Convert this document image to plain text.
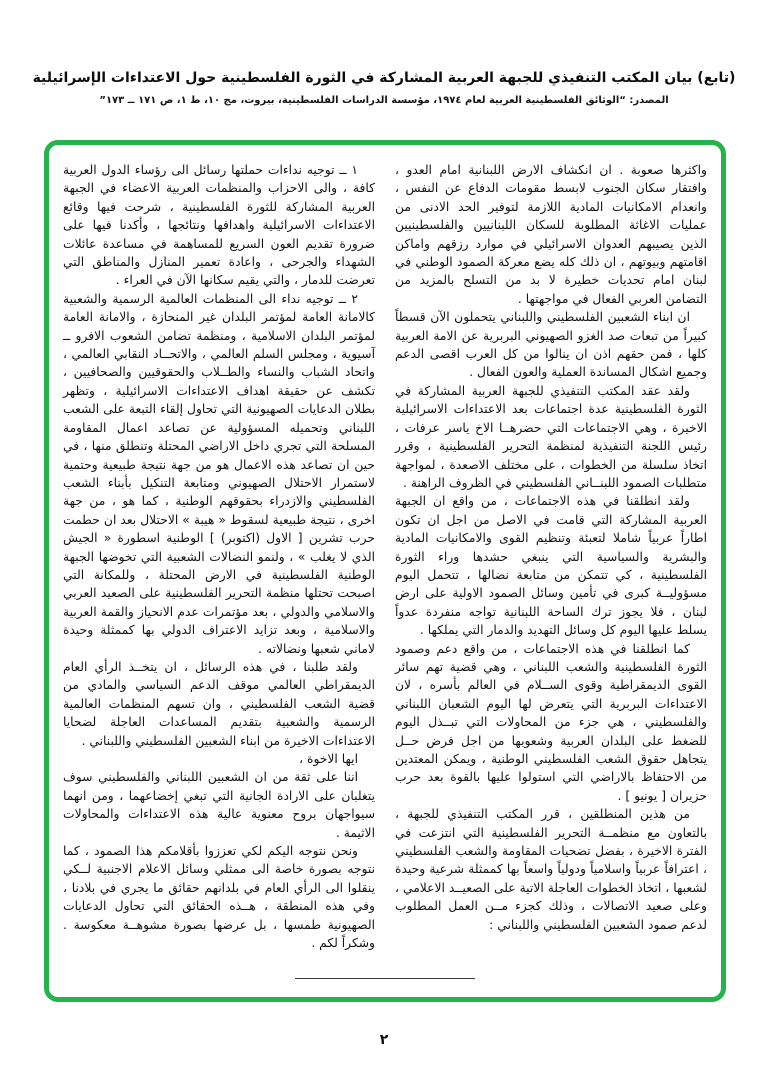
(تابع) بيان المكتب التنفيذي للجبهة العربية المشاركة في الثورة الفلسطينية حول الاعتداءات الإسرائيلية
المصدر: “الوثائق الفلسطينية العربية لعام ١٩٧٤، مؤسسة الدراسات الفلسطينية، بيروت، مج ١٠، ط ١، ص ١٧١ ــ ١٧٣”

واكثرها صعوبة . ان انكشاف الارض اللبنانية امام العدو ، وافتقار سكان الجنوب لابسط مقومات الدفاع عن النفس ، وانعدام الامكانيات المادية اللازمة لتوفير الحد الادنى من عمليات الاغاثة المطلوبة للسكان اللبنانيين والفلسطينيين الذين يصيبهم العدوان الاسرائيلي في موارد رزقهم واماكن اقامتهم وبيوتهم ، ان ذلك كله يضع معركة الصمود الوطني في لبنان امام تحديات خطيرة لا بد من التسلح بالمزيد من التضامن العربي الفعال في مواجهتها .

ان ابناء الشعبين الفلسطيني واللبناني يتحملون الآن قسطاً كبيراً من تبعات صد الغزو الصهيوني البربرية عن الامة العربية كلها ، فمن حقهم اذن ان ينالوا من كل العرب اقصى الدعم وجميع اشكال المساندة العملية والعون الفعال .

ولقد عقد المكتب التنفيذي للجبهة العربية المشاركة في الثورة الفلسطينية عدة اجتماعات بعد الاعتداءات الاسرائيلية الاخيرة ، وهي الاجتماعات التي حضرهــا الاخ ياسر عرفات ، رئيس اللجنة التنفيذية لمنظمة التحرير الفلسطينية ، وقرر اتخاذ سلسلة من الخطوات ، على مختلف الاصعدة ، لمواجهة متطلبات الصمود اللبنــاني الفلسطيني في الظروف الراهنة .

ولقد انطلقنا في هذه الاجتماعات ، من واقع ان الجبهة العربية المشاركة التي قامت في الاصل من اجل ان تكون اطاراً عربياً شاملا لتعبئة وتنظيم القوى والامكانيات المادية والبشرية والسياسية التي ينبغي حشدها وراء الثورة الفلسطينية ، كي تتمكن من متابعة نضالها ، تتحمل اليوم مسؤوليــة كبرى في تأمين وسائل الصمود الاولية على ارض لبنان ، فلا يجوز ترك الساحة اللبنانية تواجه منفردة عدواً يسلط عليها اليوم كل وسائل التهديد والدمار التي يملكها .

كما انطلقنا في هذه الاجتماعات ، من واقع دعم وصمود الثورة الفلسطينية والشعب اللبناني ، وهي قضية تهم سائر القوى الديمقراطية وقوى الســلام في العالم بأسره ، لان الاعتداءات البربرية التي يتعرض لها اليوم الشعبان اللبناني والفلسطيني ، هي جزء من المحاولات التي تبــذل اليوم للضغط على البلدان العربية وشعوبها من اجل فرض حــل يتجاهل حقوق الشعب الفلسطيني الوطنية ، ويمكن المعتدين من الاحتفاظ بالاراضي التي استولوا عليها بالقوة بعد حرب حزيران [ يونيو ] .

من هذين المنطلقين ، قرر المكتب التنفيذي للجبهة ، بالتعاون مع منظمــة التحرير الفلسطينية التي انتزعت في الفترة الاخيرة ، بفضل تضحيات المقاومة والشعب الفلسطيني ، اعترافاً عربياً واسلامياً ودولياً واسعاً بها كممثلة شرعية وحيدة لشعبها ، اتخاذ الخطوات العاجلة الاتية على الصعيــد الاعلامي ، وعلى صعيد الاتصالات ، وذلك كجزء مــن العمل المطلوب لدعم صمود الشعبين الفلسطيني واللبناني :

١ ــ توجيه نداءات حملتها رسائل الى رؤساء الدول العربية كافة ، والى الاحزاب والمنظمات العربية الاعضاء في الجبهة العربية المشاركة للثورة الفلسطينية ، شرحت فيها وقائع الاعتداءات الاسرائيلية واهدافها ونتائجها ، وأكدنا فيها على ضرورة تقديم العون السريع للمساهمة في مساعدة عائلات الشهداء والجرحى ، واعادة تعمير المنازل والمناطق التي تعرضت للدمار ، والتي يقيم سكانها الآن في العراء .

٢ ــ توجيه نداء الى المنظمات العالمية الرسمية والشعبية كالامانة العامة لمؤتمر البلدان غير المنحازة ، والامانة العامة لمؤتمر البلدان الاسلامية ، ومنظمة تضامن الشعوب الافرو ــ آسيوية ، ومجلس السلم العالمي ، والاتحــاد النقابي العالمي ، واتحاد الشباب والنساء والطــلاب والحقوقيين والصحافيين ، تكشف عن حقيقة اهداف الاعتداءات الاسرائيلية ، وتظهر بطلان الدعايات الصهيونية التي تحاول إلقاء التبعة على الشعب اللبناني وتحميله المسؤولية عن تصاعد اعمال المقاومة المسلحة التي تجري داخل الاراضي المحتلة وتنطلق منها ، في حين ان تصاعد هذه الاعمال هو من جهة نتيجة طبيعية وحتمية لاستمرار الاحتلال الصهيوني ومتابعة التنكيل بأبناء الشعب الفلسطيني والازدراء بحقوقهم الوطنية ، كما هو ، من جهة اخرى ، نتيجة طبيعية لسقوط « هيبة » الاحتلال بعد ان حطمت حرب تشرين [ الاول (اكتوبر) ] الوطنية اسطورة « الجيش الذي لا يغلب » ، ولنمو النضالات الشعبية التي تخوضها الجبهة الوطنية الفلسطينية في الارض المحتلة ، وللمكانة التي اصبحت تحتلها منظمة التحرير الفلسطينية على الصعيد العربي والاسلامي والدولي ، بعد مؤتمرات عدم الانحياز والقمة العربية والاسلامية ، وبعد تزايد الاعتراف الدولي بها كممثلة وحيدة لاماني شعبها ونضالاته .

ولقد طلبنا ، في هذه الرسائل ، ان يتخــذ الرأي العام الديمقراطي العالمي موقف الدعم السياسي والمادي من قضية الشعب الفلسطيني ، وان تسهم المنظمات العالمية الرسمية والشعبية بتقديم المساعدات العاجلة لضحايا الاعتداءات الاخيرة من ابناء الشعبين الفلسطيني واللبناني .

ايها الاخوة ،

اننا على ثقة من ان الشعبين اللبناني والفلسطيني سوف يتغلبان على الارادة الجانية التي تبغي إخضاعهما ، ومن انهما سيواجهان بروح معنوية عالية هذه الاعتداءات والمحاولات الاثيمة .

ونحن نتوجه اليكم لكي تعززوا بأقلامكم هذا الصمود ، كما نتوجه بصورة خاصة الى ممثلي وسائل الاعلام الاجنبية لــكي ينقلوا الى الرأي العام في بلدانهم حقائق ما يجري في بلادنا ، وفي هذه المنطقة ، هــذه الحقائق التي تحاول الدعايات الصهيونية طمسها ، بل عرضها بصورة مشوهــة معكوسة . وشكراً لكم .

٢
